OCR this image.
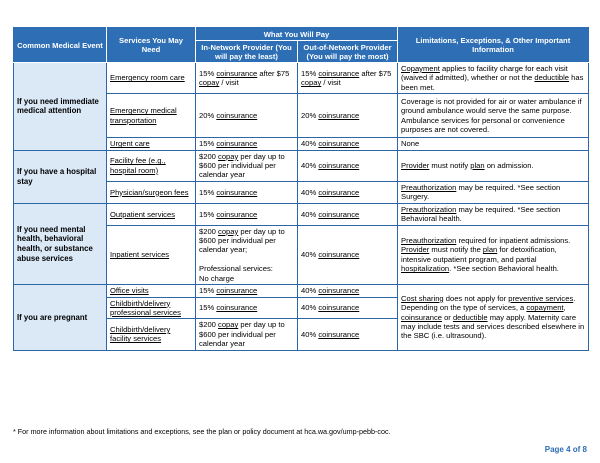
Common Medical Event	Services You May Need	What You Will Pay		Limitations, Exceptions, & Other Important Information
		In-Network Provider (You will pay the least)	Out-of-Network Provider (You will pay the most)	
If you need immediate medical attention	Emergency room care	15% coinsurance after $75 copay / visit	15% coinsurance after $75 copay / visit	Copayment applies to facility charge for each visit (waived if admitted), whether or not the deductible has been met.
	Emergency medical transportation	20% coinsurance	20% coinsurance	Coverage is not provided for air or water ambulance if ground ambulance would serve the same purpose. Ambulance services for personal or convenience purposes are not covered.
	Urgent care	15% coinsurance	40% coinsurance	None
If you have a hospital stay	Facility fee (e.g., hospital room)	$200 copay per day up to $600 per individual per calendar year	40% coinsurance	Provider must notify plan on admission.
	Physician/surgeon fees	15% coinsurance	40% coinsurance	Preauthorization may be required. *See section Surgery.
If you need mental health, behavioral health, or substance abuse services	Outpatient services	15% coinsurance	40% coinsurance	Preauthorization may be required. *See section Behavioral health.
	Inpatient services	$200 copay per day up to $600 per individual per calendar year;

Professional services:
No charge	40% coinsurance	Preauthorization required for inpatient admissions. Provider must notify the plan for detoxification, intensive outpatient program, and partial hospitalization. *See section Behavioral health.
If you are pregnant	Office visits	15% coinsurance	40% coinsurance	Cost sharing does not apply for preventive services. Depending on the type of services, a copayment, coinsurance or deductible may apply. Maternity care may include tests and services described elsewhere in the SBC (i.e. ultrasound).
	Childbirth/delivery professional services	15% coinsurance	40% coinsurance	
	Childbirth/delivery facility services	$200 copay per day up to $600 per individual per calendar year	40% coinsurance	
* For more information about limitations and exceptions, see the plan or policy document at hca.wa.gov/ump-pebb-coc.
Page 4 of 8
